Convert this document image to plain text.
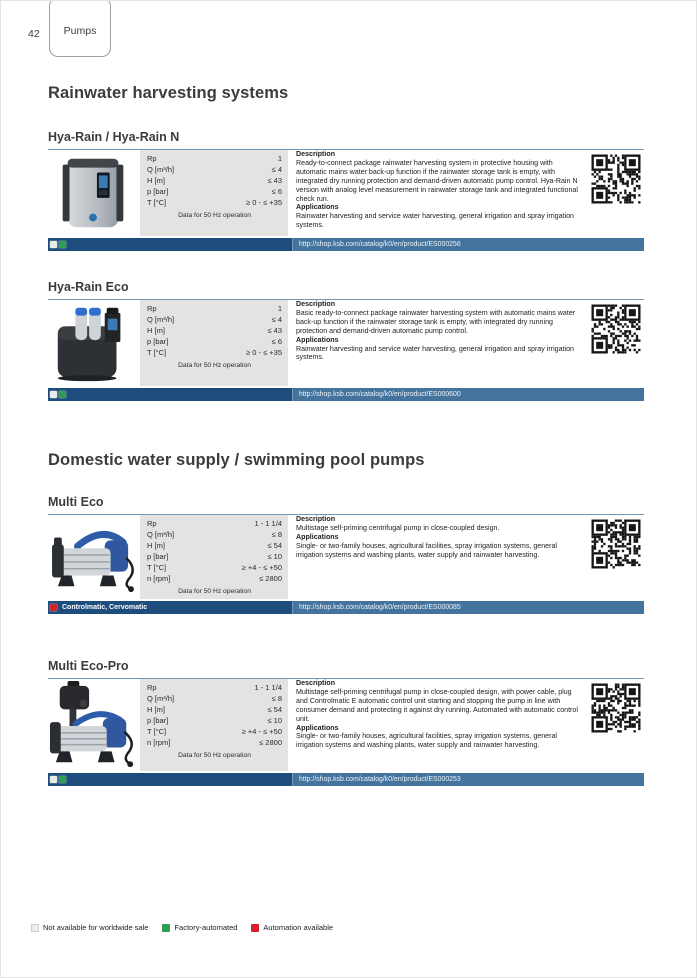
42 Pumps
Rainwater harvesting systems
Hya-Rain / Hya-Rain N
Rp	1
Q [m³/h]	≤ 4
H [m]	≤ 43
p [bar]	≤ 6
T [°C]	≥ 0 - ≤ +35
Data for 50 Hz operation
Description
Ready-to-connect package rainwater harvesting system in protective housing with automatic mains water back-up function if the rainwater storage tank is empty, with integrated dry running protection and demand-driven automatic pump control. Hya-Rain N version with analog level measurement in rainwater storage tank and integrated functional check run.
Applications
Rainwater harvesting and service water harvesting, general irrigation and spray irrigation systems.
http://shop.ksb.com/catalog/k0/en/product/ES000256
Hya-Rain Eco
Rp	1
Q [m³/h]	≤ 4
H [m]	≤ 43
p [bar]	≤ 6
T [°C]	≥ 0 - ≤ +35
Data for 50 Hz operation
Description
Basic ready-to-connect package rainwater harvesting system with automatic mains water back-up function if the rainwater storage tank is empty, with integrated dry running protection and demand-driven automatic pump control.
Applications
Rainwater harvesting and service water harvesting, general irrigation and spray irrigation systems.
http://shop.ksb.com/catalog/k0/en/product/ES000600
Domestic water supply / swimming pool pumps
Multi Eco
Rp	1 - 1 1/4
Q [m³/h]	≤ 8
H [m]	≤ 54
p [bar]	≤ 10
T [°C]	≥ +4 - ≤ +50
n [rpm]	≤ 2800
Data for 50 Hz operation
Description
Multistage self-priming centrifugal pump in close-coupled design.
Applications
Single- or two-family houses, agricultural facilities, spray irrigation systems, general irrigation systems and washing plants, water supply and rainwater harvesting.
Controlmatic, Cervomatic	http://shop.ksb.com/catalog/k0/en/product/ES000085
Multi Eco-Pro
Rp	1 - 1 1/4
Q [m³/h]	≤ 8
H [m]	≤ 54
p [bar]	≤ 10
T [°C]	≥ +4 - ≤ +50
n [rpm]	≤ 2800
Data for 50 Hz operation
Description
Multistage self-priming centrifugal pump in close-coupled design, with power cable, plug and Controlmatic E automatic control unit starting and stopping the pump in line with consumer demand and protecting it against dry running. Automated with automatic control unit.
Applications
Single- or two-family houses, agricultural facilities, spray irrigation systems, general irrigation systems and washing plants, water supply and rainwater harvesting.
http://shop.ksb.com/catalog/k0/en/product/ES000253
Not available for worldwide sale	Factory-automated	Automation available
